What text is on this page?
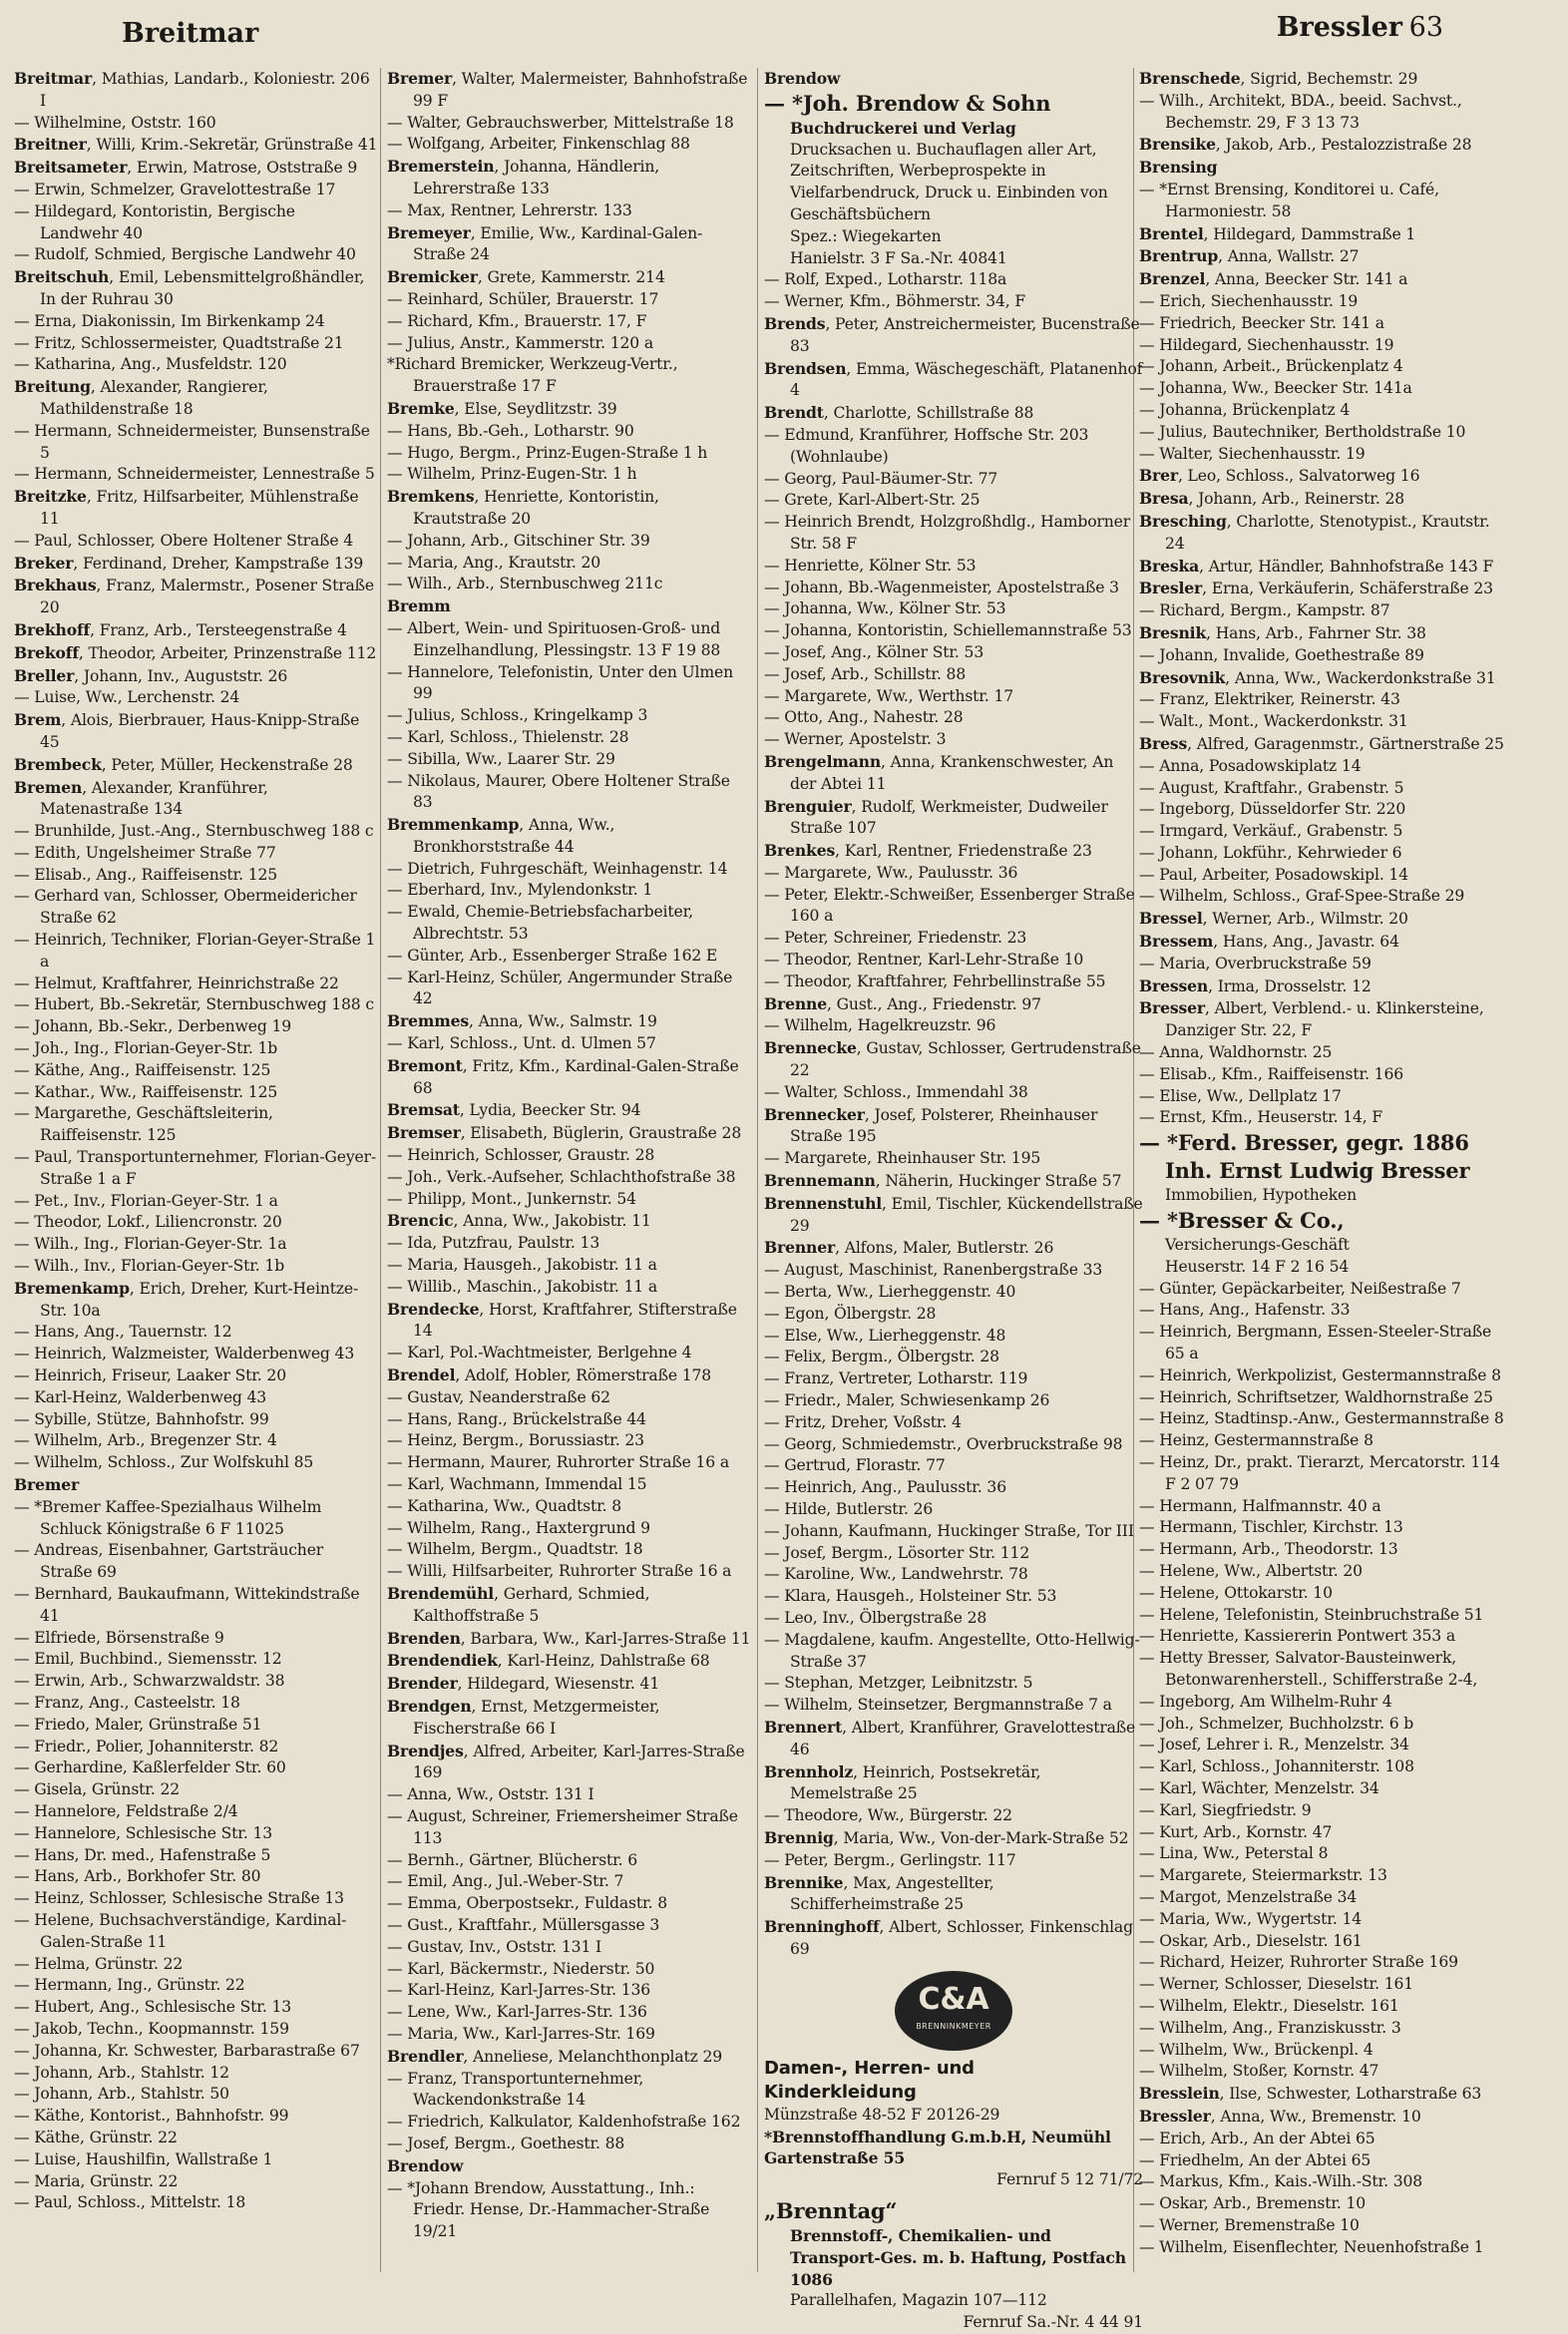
Breitmar	Bressler 63

Breitmar, Mathias, Landarb., Koloniestr. 206 I

— Wilhelmine, Oststr. 160

Breitner, Willi, Krim.-Sekretär, Grünstraße 41

Breitsameter, Erwin, Matrose, Oststraße 9

— Erwin, Schmelzer, Gravelottestraße 17

— Hildegard, Kontoristin, Bergische Landwehr 40

— Rudolf, Schmied, Bergische Landwehr 40

Breitschuh, Emil, Lebensmittelgroßhändler, In der Ruhrau 30

— Erna, Diakonissin, Im Birkenkamp 24

— Fritz, Schlossermeister, Quadtstraße 21

— Katharina, Ang., Musfeldstr. 120

Breitung, Alexander, Rangierer, Mathildenstraße 18

— Hermann, Schneidermeister, Bunsenstraße 5

— Hermann, Schneidermeister, Lennestraße 5

Breitzke, Fritz, Hilfsarbeiter, Mühlenstraße 11

— Paul, Schlosser, Obere Holtener Straße 4

Breker, Ferdinand, Dreher, Kampstraße 139

Brekhaus, Franz, Malermstr., Posener Straße 20

Brekhoff, Franz, Arb., Tersteegenstraße 4

Brekoff, Theodor, Arbeiter, Prinzenstraße 112

Breller, Johann, Inv., Auguststr. 26

— Luise, Ww., Lerchenstr. 24

Brem, Alois, Bierbrauer, Haus-Knipp-Straße 45

Brembeck, Peter, Müller, Heckenstraße 28

Bremen, Alexander, Kranführer, Matenastraße 134

— Brunhilde, Just.-Ang., Sternbuschweg 188 c

— Edith, Ungelsheimer Straße 77

— Elisab., Ang., Raiffeisenstr. 125

— Gerhard van, Schlosser, Obermeidericher Straße 62

— Heinrich, Techniker, Florian-Geyer-Straße 1 a

— Helmut, Kraftfahrer, Heinrichstraße 22

— Hubert, Bb.-Sekretär, Sternbuschweg 188 c

— Johann, Bb.-Sekr., Derbenweg 19

— Joh., Ing., Florian-Geyer-Str. 1b

— Käthe, Ang., Raiffeisenstr. 125

— Kathar., Ww., Raiffeisenstr. 125

— Margarethe, Geschäftsleiterin, Raiffeisenstr. 125

— Paul, Transportunternehmer, Florian-Geyer-Straße 1 a F

— Pet., Inv., Florian-Geyer-Str. 1 a

— Theodor, Lokf., Liliencronstr. 20

— Wilh., Ing., Florian-Geyer-Str. 1a

— Wilh., Inv., Florian-Geyer-Str. 1b

Bremenkamp, Erich, Dreher, Kurt-Heintze-Str. 10a

— Hans, Ang., Tauernstr. 12

— Heinrich, Walzmeister, Walderbenweg 43

— Heinrich, Friseur, Laaker Str. 20

— Karl-Heinz, Walderbenweg 43

— Sybille, Stütze, Bahnhofstr. 99

— Wilhelm, Arb., Bregenzer Str. 4

— Wilhelm, Schloss., Zur Wolfskuhl 85

Bremer

— *Bremer Kaffee-Spezialhaus Wilhelm Schluck Königstraße 6 F 11025

— Andreas, Eisenbahner, Gartsträucher Straße 69

— Bernhard, Baukaufmann, Wittekindstraße 41

— Elfriede, Börsenstraße 9

— Emil, Buchbind., Siemensstr. 12

— Erwin, Arb., Schwarzwaldstr. 38

— Franz, Ang., Casteelstr. 18

— Friedo, Maler, Grünstraße 51

— Friedr., Polier, Johanniterstr. 82

— Gerhardine, Kaßlerfelder Str. 60

— Gisela, Grünstr. 22

— Hannelore, Feldstraße 2/4

— Hannelore, Schlesische Str. 13

— Hans, Dr. med., Hafenstraße 5

— Hans, Arb., Borkhofer Str. 80

— Heinz, Schlosser, Schlesische Straße 13

— Helene, Buchsachverständige, Kardinal-Galen-Straße 11

— Helma, Grünstr. 22

— Hermann, Ing., Grünstr. 22

— Hubert, Ang., Schlesische Str. 13

— Jakob, Techn., Koopmannstr. 159

— Johanna, Kr. Schwester, Barbarastraße 67

— Johann, Arb., Stahlstr. 12

— Johann, Arb., Stahlstr. 50

— Käthe, Kontorist., Bahnhofstr. 99

— Käthe, Grünstr. 22

— Luise, Haushilfin, Wallstraße 1

— Maria, Grünstr. 22

— Paul, Schloss., Mittelstr. 18

Bremer, Walter, Malermeister, Bahnhofstraße 99 F

— Walter, Gebrauchswerber, Mittelstraße 18

— Wolfgang, Arbeiter, Finkenschlag 88

Bremerstein, Johanna, Händlerin, Lehrerstraße 133

— Max, Rentner, Lehrerstr. 133

Bremeyer, Emilie, Ww., Kardinal-Galen-Straße 24

Bremicker, Grete, Kammerstr. 214

— Reinhard, Schüler, Brauerstr. 17

— Richard, Kfm., Brauerstr. 17, F

— Julius, Anstr., Kammerstr. 120 a

*Richard Bremicker, Werkzeug-Vertr., Brauerstraße 17 F

Bremke, Else, Seydlitzstr. 39

— Hans, Bb.-Geh., Lotharstr. 90

— Hugo, Bergm., Prinz-Eugen-Straße 1 h

— Wilhelm, Prinz-Eugen-Str. 1 h

Bremkens, Henriette, Kontoristin, Krautstraße 20

— Johann, Arb., Gitschiner Str. 39

— Maria, Ang., Krautstr. 20

— Wilh., Arb., Sternbuschweg 211c

Bremm

— Albert, Wein- und Spirituosen-Groß- und Einzelhandlung, Plessingstr. 13 F 19 88

— Hannelore, Telefonistin, Unter den Ulmen 99

— Julius, Schloss., Kringelkamp 3

— Karl, Schloss., Thielenstr. 28

— Sibilla, Ww., Laarer Str. 29

— Nikolaus, Maurer, Obere Holtener Straße 83

Bremmenkamp, Anna, Ww., Bronkhorststraße 44

— Dietrich, Fuhrgeschäft, Weinhagenstr. 14

— Eberhard, Inv., Mylendonkstr. 1

— Ewald, Chemie-Betriebsfacharbeiter, Albrechtstr. 53

— Günter, Arb., Essenberger Straße 162 E

— Karl-Heinz, Schüler, Angermunder Straße 42

Bremmes, Anna, Ww., Salmstr. 19

— Karl, Schloss., Unt. d. Ulmen 57

Bremont, Fritz, Kfm., Kardinal-Galen-Straße 68

Bremsat, Lydia, Beecker Str. 94

Bremser, Elisabeth, Büglerin, Graustraße 28

— Heinrich, Schlosser, Graustr. 28

— Joh., Verk.-Aufseher, Schlachthofstraße 38

— Philipp, Mont., Junkernstr. 54

Brencic, Anna, Ww., Jakobistr. 11

— Ida, Putzfrau, Paulstr. 13

— Maria, Hausgeh., Jakobistr. 11 a

— Willib., Maschin., Jakobistr. 11 a

Brendecke, Horst, Kraftfahrer, Stifterstraße 14

— Karl, Pol.-Wachtmeister, Berlgehne 4

Brendel, Adolf, Hobler, Römerstraße 178

— Gustav, Neanderstraße 62

— Hans, Rang., Brückelstraße 44

— Heinz, Bergm., Borussiastr. 23

— Hermann, Maurer, Ruhrorter Straße 16 a

— Karl, Wachmann, Immendal 15

— Katharina, Ww., Quadtstr. 8

— Wilhelm, Rang., Haxtergrund 9

— Wilhelm, Bergm., Quadtstr. 18

— Willi, Hilfsarbeiter, Ruhrorter Straße 16 a

Brendemühl, Gerhard, Schmied, Kalthoffstraße 5

Brenden, Barbara, Ww., Karl-Jarres-Straße 11

Brendendiek, Karl-Heinz, Dahlstraße 68

Brender, Hildegard, Wiesenstr. 41

Brendgen, Ernst, Metzgermeister, Fischerstraße 66 I

Brendjes, Alfred, Arbeiter, Karl-Jarres-Straße 169

— Anna, Ww., Oststr. 131 I

— August, Schreiner, Friemersheimer Straße 113

— Bernh., Gärtner, Blücherstr. 6

— Emil, Ang., Jul.-Weber-Str. 7

— Emma, Oberpostsekr., Fuldastr. 8

— Gust., Kraftfahr., Müllersgasse 3

— Gustav, Inv., Oststr. 131 I

— Karl, Bäckermstr., Niederstr. 50

— Karl-Heinz, Karl-Jarres-Str. 136

— Lene, Ww., Karl-Jarres-Str. 136

— Maria, Ww., Karl-Jarres-Str. 169

Brendler, Anneliese, Melanchthonplatz 29

— Franz, Transportunternehmer, Wackendonkstraße 14

— Friedrich, Kalkulator, Kaldenhofstraße 162

— Josef, Bergm., Goethestr. 88

Brendow

— *Johann Brendow, Ausstattung., Inh.: Friedr. Hense, Dr.-Hammacher-Straße 19/21

Brendow

— *Joh. Brendow & Sohn

Buchdruckerei und Verlag

Drucksachen u. Buchauflagen aller Art, Zeitschriften, Werbeprospekte in Vielfarbendruck, Druck u. Einbinden von Geschäftsbüchern

Spez.: Wiegekarten

Hanielstr. 3 F Sa.-Nr. 40841

— Rolf, Exped., Lotharstr. 118a

— Werner, Kfm., Böhmerstr. 34, F

Brends, Peter, Anstreichermeister, Bucenstraße 83

Brendsen, Emma, Wäschegeschäft, Platanenhof 4

Brendt, Charlotte, Schillstraße 88

— Edmund, Kranführer, Hoffsche Str. 203 (Wohnlaube)

— Georg, Paul-Bäumer-Str. 77

— Grete, Karl-Albert-Str. 25

— Heinrich Brendt, Holzgroßhdlg., Hamborner Str. 58 F

— Henriette, Kölner Str. 53

— Johann, Bb.-Wagenmeister, Apostelstraße 3

— Johanna, Ww., Kölner Str. 53

— Johanna, Kontoristin, Schiellemannstraße 53

— Josef, Ang., Kölner Str. 53

— Josef, Arb., Schillstr. 88

— Margarete, Ww., Werthstr. 17

— Otto, Ang., Nahestr. 28

— Werner, Apostelstr. 3

Brengelmann, Anna, Krankenschwester, An der Abtei 11

Brenguier, Rudolf, Werkmeister, Dudweiler Straße 107

Brenkes, Karl, Rentner, Friedenstraße 23

— Margarete, Ww., Paulusstr. 36

— Peter, Elektr.-Schweißer, Essenberger Straße 160 a

— Peter, Schreiner, Friedenstr. 23

— Theodor, Rentner, Karl-Lehr-Straße 10

— Theodor, Kraftfahrer, Fehrbellinstraße 55

Brenne, Gust., Ang., Friedenstr. 97

— Wilhelm, Hagelkreuzstr. 96

Brennecke, Gustav, Schlosser, Gertrudenstraße 22

— Walter, Schloss., Immendahl 38

Brennecker, Josef, Polsterer, Rheinhauser Straße 195

— Margarete, Rheinhauser Str. 195

Brennemann, Näherin, Huckinger Straße 57

Brennenstuhl, Emil, Tischler, Kückendellstraße 29

Brenner, Alfons, Maler, Butlerstr. 26

— August, Maschinist, Ranenbergstraße 33

— Berta, Ww., Lierheggenstr. 40

— Egon, Ölbergstr. 28

— Else, Ww., Lierheggenstr. 48

— Felix, Bergm., Ölbergstr. 28

— Franz, Vertreter, Lotharstr. 119

— Friedr., Maler, Schwiesenkamp 26

— Fritz, Dreher, Voßstr. 4

— Georg, Schmiedemstr., Overbruckstraße 98

— Gertrud, Florastr. 77

— Heinrich, Ang., Paulusstr. 36

— Hilde, Butlerstr. 26

— Johann, Kaufmann, Huckinger Straße, Tor III

— Josef, Bergm., Lösorter Str. 112

— Karoline, Ww., Landwehrstr. 78

— Klara, Hausgeh., Holsteiner Str. 53

— Leo, Inv., Ölbergstraße 28

— Magdalene, kaufm. Angestellte, Otto-Hellwig-Straße 37

— Stephan, Metzger, Leibnitzstr. 5

— Wilhelm, Steinsetzer, Bergmannstraße 7 a

Brennert, Albert, Kranführer, Gravelottestraße 46

Brennholz, Heinrich, Postsekretär, Memelstraße 25

— Theodore, Ww., Bürgerstr. 22

Brennig, Maria, Ww., Von-der-Mark-Straße 52

— Peter, Bergm., Gerlingstr. 117

Brennike, Max, Angestellter, Schifferheimstraße 25

Brenninghoff, Albert, Schlosser, Finkenschlag 69

C&A
BRENNINKMEYER

Damen-, Herren- und

Kinderkleidung

Münzstraße 48-52 F 20126-29

*Brennstoffhandlung G.m.b.H, Neumühl Gartenstraße 55

Fernruf 5 12 71/72

„Brenntag“

Brennstoff-, Chemikalien- und Transport-Ges. m. b. Haftung, Postfach 1086

Parallelhafen, Magazin 107—112

Fernruf Sa.-Nr. 4 44 91

Brenschede, Sigrid, Bechemstr. 29

— Wilh., Architekt, BDA., beeid. Sachvst., Bechemstr. 29, F 3 13 73

Brensike, Jakob, Arb., Pestalozzistraße 28

Brensing

— *Ernst Brensing, Konditorei u. Café, Harmoniestr. 58

Brentel, Hildegard, Dammstraße 1

Brentrup, Anna, Wallstr. 27

Brenzel, Anna, Beecker Str. 141 a

— Erich, Siechenhausstr. 19

— Friedrich, Beecker Str. 141 a

— Hildegard, Siechenhausstr. 19

— Johann, Arbeit., Brückenplatz 4

— Johanna, Ww., Beecker Str. 141a

— Johanna, Brückenplatz 4

— Julius, Bautechniker, Bertholdstraße 10

— Walter, Siechenhausstr. 19

Brer, Leo, Schloss., Salvatorweg 16

Bresa, Johann, Arb., Reinerstr. 28

Bresching, Charlotte, Stenotypist., Krautstr. 24

Breska, Artur, Händler, Bahnhofstraße 143 F

Bresler, Erna, Verkäuferin, Schäferstraße 23

— Richard, Bergm., Kampstr. 87

Bresnik, Hans, Arb., Fahrner Str. 38

— Johann, Invalide, Goethestraße 89

Bresovnik, Anna, Ww., Wackerdonkstraße 31

— Franz, Elektriker, Reinerstr. 43

— Walt., Mont., Wackerdonkstr. 31

Bress, Alfred, Garagenmstr., Gärtnerstraße 25

— Anna, Posadowskiplatz 14

— August, Kraftfahr., Grabenstr. 5

— Ingeborg, Düsseldorfer Str. 220

— Irmgard, Verkäuf., Grabenstr. 5

— Johann, Lokführ., Kehrwieder 6

— Paul, Arbeiter, Posadowskipl. 14

— Wilhelm, Schloss., Graf-Spee-Straße 29

Bressel, Werner, Arb., Wilmstr. 20

Bressem, Hans, Ang., Javastr. 64

— Maria, Overbruckstraße 59

Bressen, Irma, Drosselstr. 12

Bresser, Albert, Verblend.- u. Klinkersteine, Danziger Str. 22, F

— Anna, Waldhornstr. 25

— Elisab., Kfm., Raiffeisenstr. 166

— Elise, Ww., Dellplatz 17

— Ernst, Kfm., Heuserstr. 14, F

— *Ferd. Bresser, gegr. 1886

Inh. Ernst Ludwig Bresser

Immobilien, Hypotheken

— *Bresser & Co.,

Versicherungs-Geschäft

Heuserstr. 14 F 2 16 54

— Günter, Gepäckarbeiter, Neißestraße 7

— Hans, Ang., Hafenstr. 33

— Heinrich, Bergmann, Essen-Steeler-Straße 65 a

— Heinrich, Werkpolizist, Gestermannstraße 8

— Heinrich, Schriftsetzer, Waldhornstraße 25

— Heinz, Stadtinsp.-Anw., Gestermannstraße 8

— Heinz, Gestermannstraße 8

— Heinz, Dr., prakt. Tierarzt, Mercatorstr. 114 F 2 07 79

— Hermann, Halfmannstr. 40 a

— Hermann, Tischler, Kirchstr. 13

— Hermann, Arb., Theodorstr. 13

— Helene, Ww., Albertstr. 20

— Helene, Ottokarstr. 10

— Helene, Telefonistin, Steinbruchstraße 51

— Henriette, Kassiererin Pontwert 353 a

— Hetty Bresser, Salvator-Bausteinwerk, Betonwarenherstell., Schifferstraße 2-4,

— Ingeborg, Am Wilhelm-Ruhr 4

— Joh., Schmelzer, Buchholzstr. 6 b

— Josef, Lehrer i. R., Menzelstr. 34

— Karl, Schloss., Johanniterstr. 108

— Karl, Wächter, Menzelstr. 34

— Karl, Siegfriedstr. 9

— Kurt, Arb., Kornstr. 47

— Lina, Ww., Peterstal 8

— Margarete, Steiermarkstr. 13

— Margot, Menzelstraße 34

— Maria, Ww., Wygertstr. 14

— Oskar, Arb., Dieselstr. 161

— Richard, Heizer, Ruhrorter Straße 169

— Werner, Schlosser, Dieselstr. 161

— Wilhelm, Elektr., Dieselstr. 161

— Wilhelm, Ang., Franziskusstr. 3

— Wilhelm, Ww., Brückenpl. 4

— Wilhelm, Stoßer, Kornstr. 47

Bresslein, Ilse, Schwester, Lotharstraße 63

Bressler, Anna, Ww., Bremenstr. 10

— Erich, Arb., An der Abtei 65

— Friedhelm, An der Abtei 65

— Markus, Kfm., Kais.-Wilh.-Str. 308

— Oskar, Arb., Bremenstr. 10

— Werner, Bremenstraße 10

— Wilhelm, Eisenflechter, Neuenhofstraße 1
